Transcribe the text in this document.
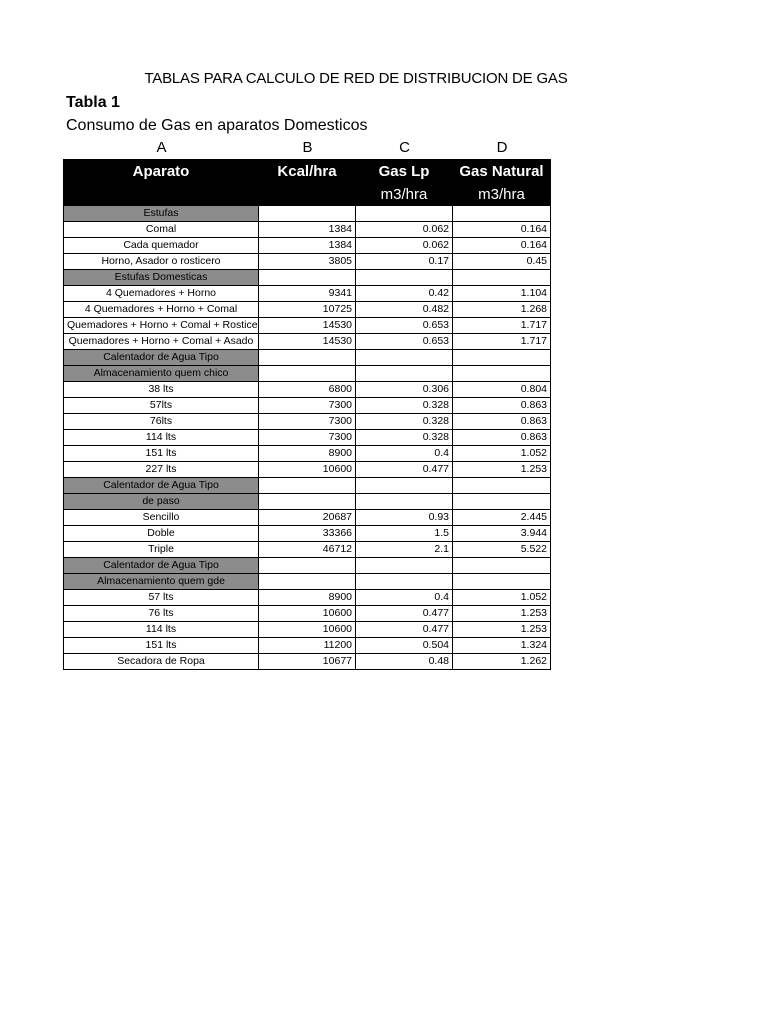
TABLAS PARA CALCULO DE RED DE DISTRIBUCION DE GAS
Tabla 1
Consumo de Gas en aparatos Domesticos
A	B	C	D
Aparato	Kcal/hra	Gas Lp	Gas Natural
		m3/hra	m3/hra
Estufas			
Comal	1384	0.062	0.164
Cada quemador	1384	0.062	0.164
Horno, Asador o rosticero	3805	0.17	0.45
Estufas Domesticas			
4 Quemadores + Horno	9341	0.42	1.104
4 Quemadores + Horno + Comal	10725	0.482	1.268
Quemadores + Horno + Comal + Rostice	14530	0.653	1.717
Quemadores + Horno + Comal + Asado	14530	0.653	1.717
Calentador de Agua Tipo			
Almacenamiento quem chico			
38 lts	6800	0.306	0.804
57lts	7300	0.328	0.863
76lts	7300	0.328	0.863
114 lts	7300	0.328	0.863
151 lts	8900	0.4	1.052
227 lts	10600	0.477	1.253
Calentador de Agua Tipo			
de paso			
Sencillo	20687	0.93	2.445
Doble	33366	1.5	3.944
Triple	46712	2.1	5.522
Calentador de Agua Tipo			
Almacenamiento quem gde			
57 lts	8900	0.4	1.052
76 lts	10600	0.477	1.253
114 lts	10600	0.477	1.253
151 lts	11200	0.504	1.324
Secadora de Ropa	10677	0.48	1.262
